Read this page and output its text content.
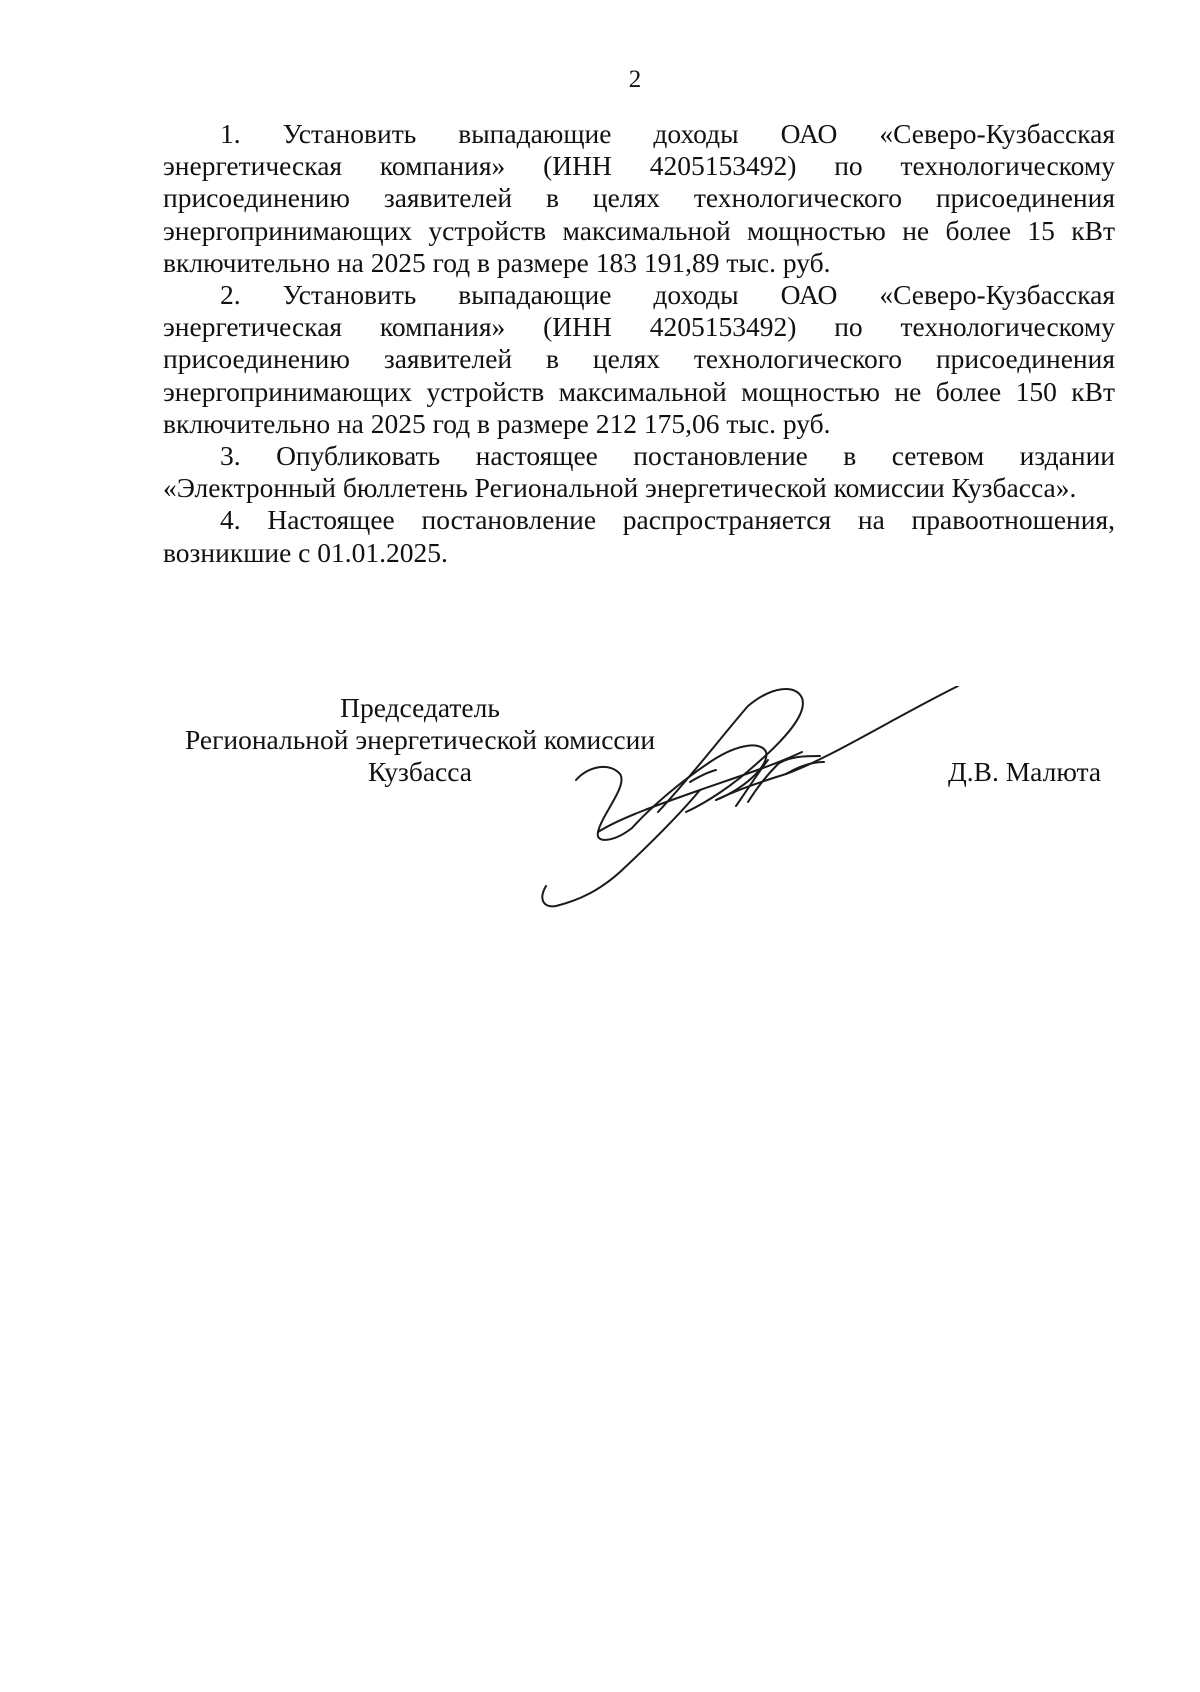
2

1. Установить выпадающие доходы ОАО «Северо-Кузбасская энергетическая компания» (ИНН 4205153492) по технологическому присоединению заявителей в целях технологического присоединения энергопринимающих устройств максимальной мощностью не более 15 кВт включительно на 2025 год в размере 183 191,89 тыс. руб.

2. Установить выпадающие доходы ОАО «Северо-Кузбасская энергетическая компания» (ИНН 4205153492) по технологическому присоединению заявителей в целях технологического присоединения энергопринимающих устройств максимальной мощностью не более 150 кВт включительно на 2025 год в размере 212 175,06 тыс. руб.

3. Опубликовать настоящее постановление в сетевом издании «Электронный бюллетень Региональной энергетической комиссии Кузбасса».

4. Настоящее постановление распространяется на правоотношения, возникшие с 01.01.2025.

Председатель
Региональной энергетической комиссии
Кузбасса	Д.В. Малюта
